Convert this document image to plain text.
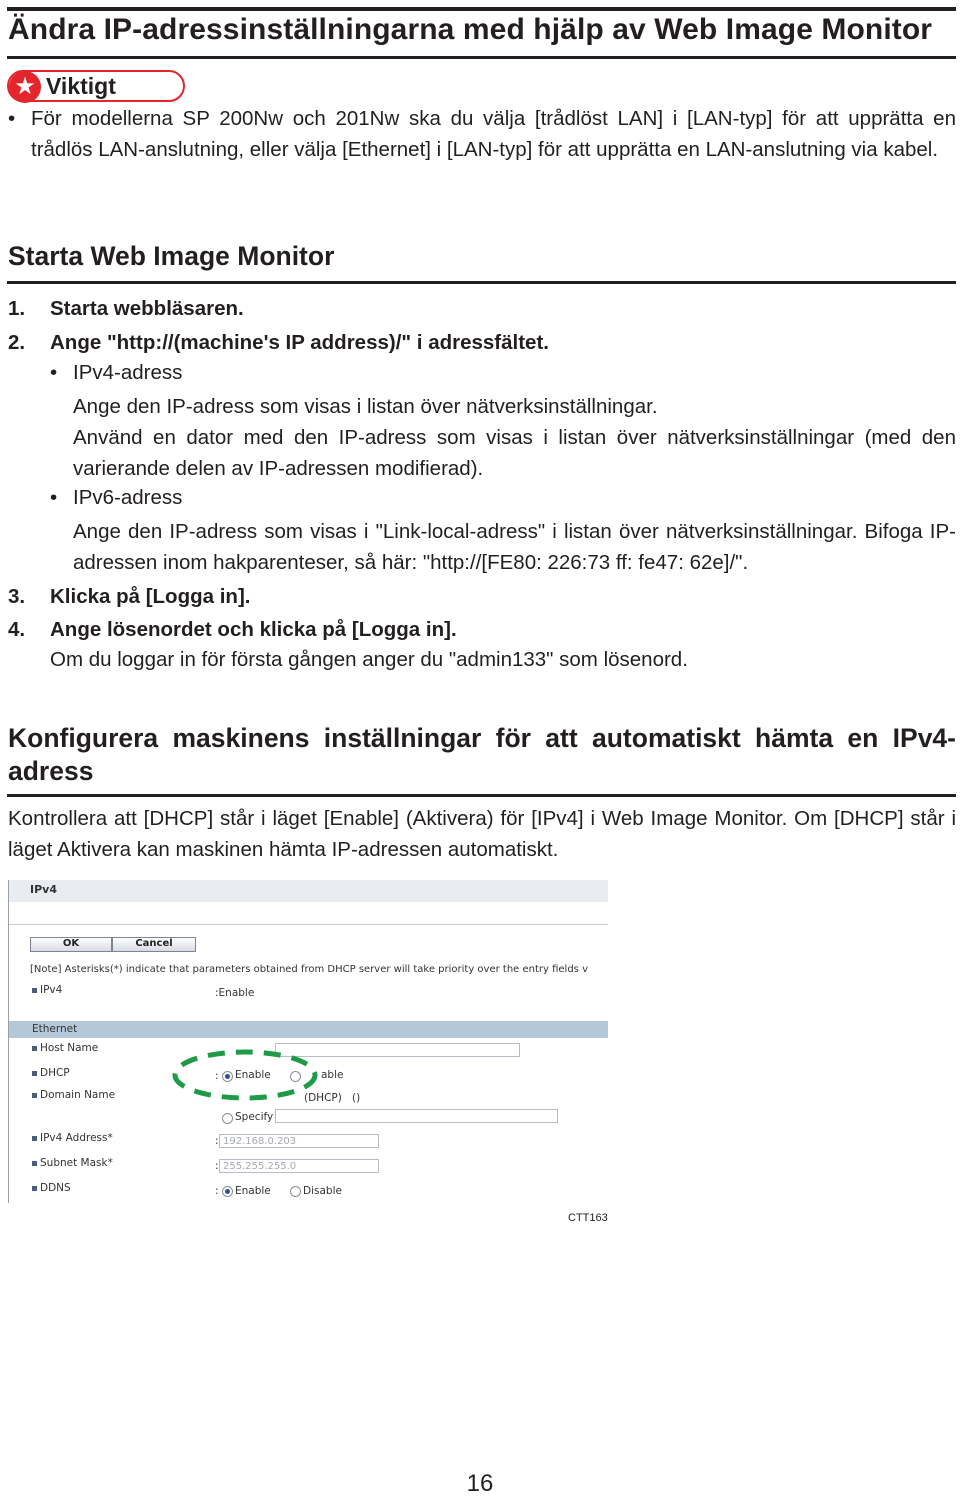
Ändra IP-adressinställningarna med hjälp av Web Image Monitor
★ Viktigt
• För modellerna SP 200Nw och 201Nw ska du välja [trådlöst LAN] i [LAN-typ] för att upprätta en trådlös LAN-anslutning, eller välja [Ethernet] i [LAN-typ] för att upprätta en LAN-anslutning via kabel.
Starta Web Image Monitor
1. Starta webbläsaren.
2. Ange "http://(machine's IP address)/" i adressfältet.
• IPv4-adress
Ange den IP-adress som visas i listan över nätverksinställningar.
Använd en dator med den IP-adress som visas i listan över nätverksinställningar (med den varierande delen av IP-adressen modifierad).
• IPv6-adress
Ange den IP-adress som visas i "Link-local-adress" i listan över nätverksinställningar. Bifoga IP-adressen inom hakparenteser, så här: "http://[FE80: 226:73 ff: fe47: 62e]/".
3. Klicka på [Logga in].
4. Ange lösenordet och klicka på [Logga in].
Om du loggar in för första gången anger du "admin133" som lösenord.
Konfigurera maskinens inställningar för att automatiskt hämta en IPv4-
adress
Kontrollera att [DHCP] står i läget [Enable] (Aktivera) för [IPv4] i Web Image Monitor. Om [DHCP] står i läget Aktivera kan maskinen hämta IP-adressen automatiskt.
IPv4
OK	Cancel
[Note] Asterisks(*) indicate that parameters obtained from DHCP server will take priority over the entry fields v
IPv4	:Enable
Ethernet
Host Name
DHCP	: Enable	able
Domain Name	(DHCP) ()
Specify
IPv4 Address*	: 192.168.0.203
Subnet Mask*	: 255.255.255.0
DDNS	: Enable	Disable
CTT163
16
